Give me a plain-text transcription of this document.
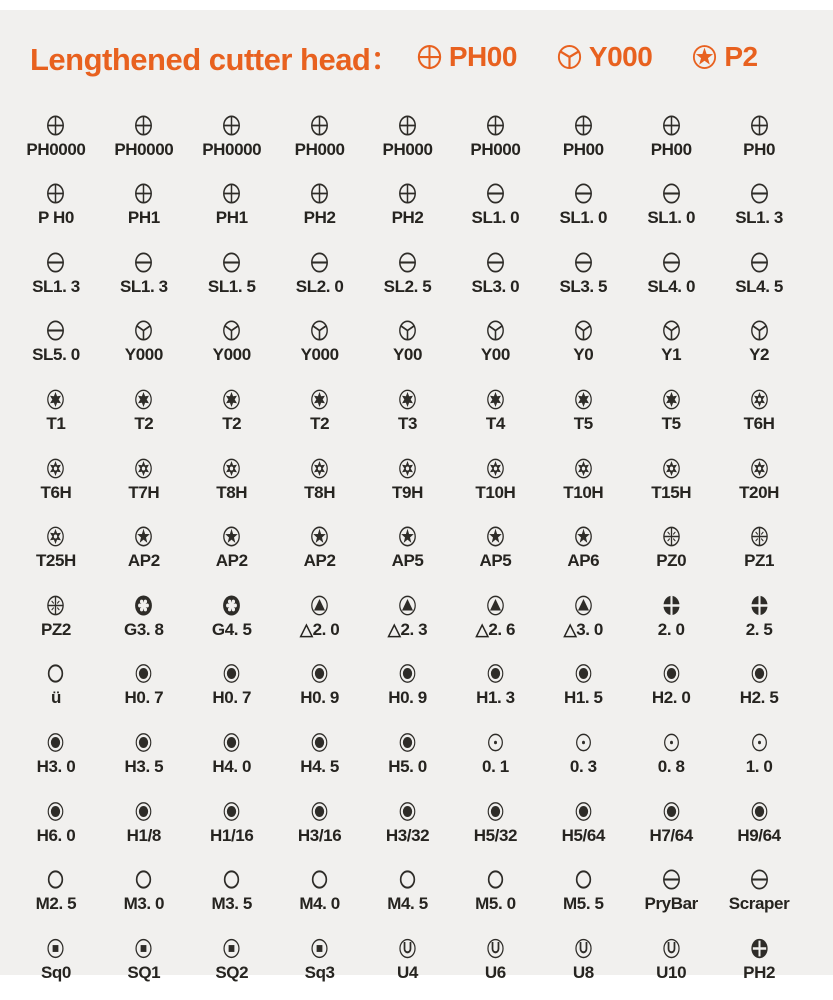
Lengthened cutter head： PH00	Y000	P2
PH0000 PH0000 PH0000 PH000 PH000 PH000 PH00	PH00	PH0
P H0	PH1	PH1	PH2	PH2	SL1. 0 SL1. 0 SL1. 0 SL1. 3
SL1. 3 SL1. 3 SL1. 5 SL2. 0 SL2. 5 SL3. 0 SL3. 5 SL4. 0 SL4. 5
SL5. 0	Y000	Y000	Y000	Y00	Y00	Y0	Y1	Y2
T1	T2	T2	T2	T3	T4	T5	T5	T6H
T6H	T7H	T8H	T8H	T9H	T10H	T10H	T15H	T20H
T25H	AP2	AP2	AP2	AP5	AP5	AP6	PZ0	PZ1
PZ2	G3. 8	G4. 5	△2. 0	△2. 3	△2. 6	△3. 0	2. 0	2. 5
ü	H0. 7	H0. 7	H0. 9	H0. 9	H1. 3	H1. 5	H2. 0	H2. 5
H3. 0	H3. 5	H4. 0	H4. 5	H5. 0	0. 1	0. 3	0. 8	1. 0
H6. 0	H1/8	H1/16	H3/16	H3/32	H5/32	H5/64	H7/64	H9/64
M2. 5	M3. 0	M3. 5	M4. 0	M4. 5	M5. 0	M5. 5 PryBar Scraper
Sq0	SQ1	SQ2	Sq3	U4	U6	U8	U10	PH2
